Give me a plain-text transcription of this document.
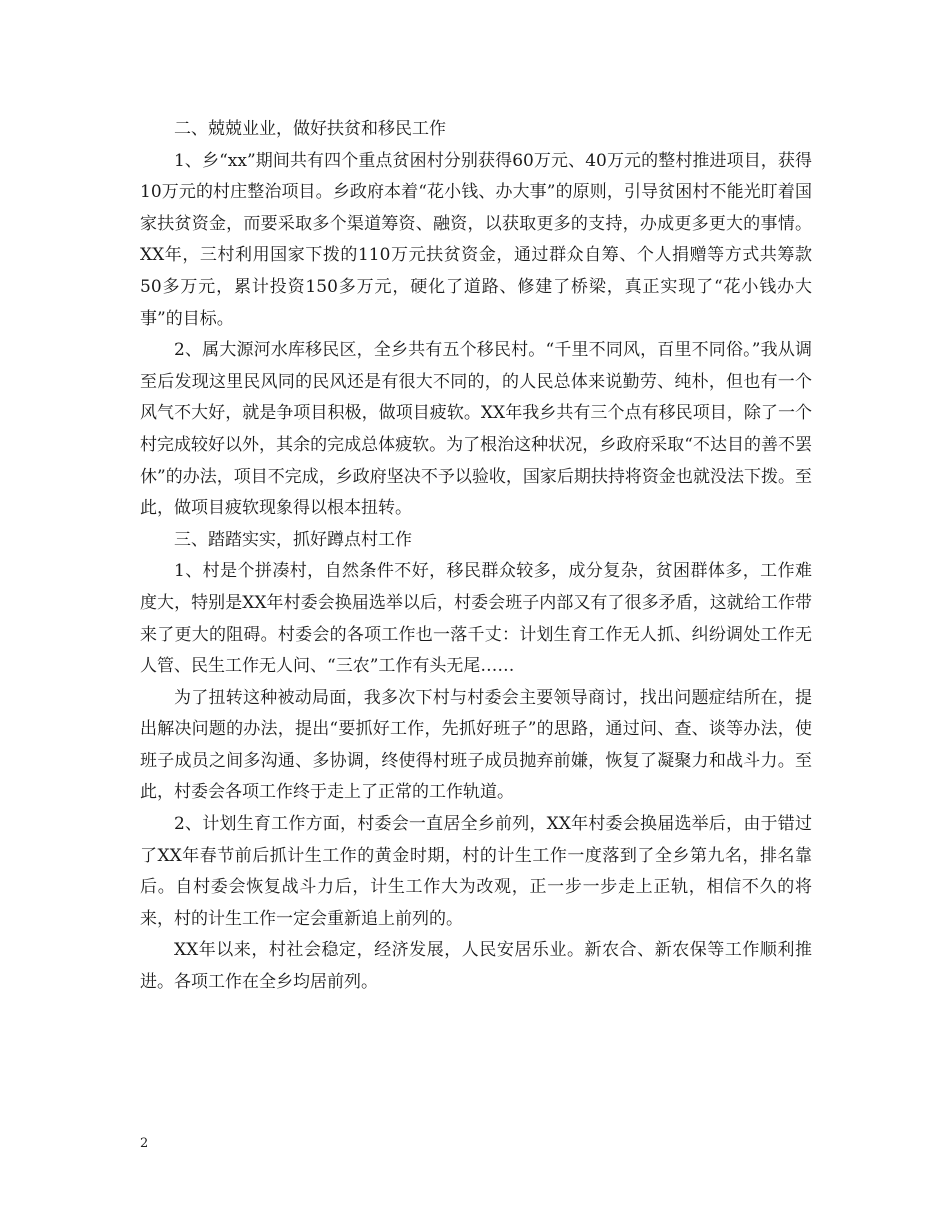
二、兢兢业业，做好扶贫和移民工作

1、乡“xx”期间共有四个重点贫困村分别获得60万元、40万元的整村推进项目，获得10万元的村庄整治项目。乡政府本着“花小钱、办大事”的原则，引导贫困村不能光盯着国家扶贫资金，而要采取多个渠道筹资、融资，以获取更多的支持，办成更多更大的事情。XX年，三村利用国家下拨的110万元扶贫资金，通过群众自筹、个人捐赠等方式共筹款50多万元，累计投资150多万元，硬化了道路、修建了桥梁，真正实现了“花小钱办大事”的目标。

2、属大源河水库移民区，全乡共有五个移民村。“千里不同风，百里不同俗。”我从调至后发现这里民风同的民风还是有很大不同的，的人民总体来说勤劳、纯朴，但也有一个风气不大好，就是争项目积极，做项目疲软。XX年我乡共有三个点有移民项目，除了一个村完成较好以外，其余的完成总体疲软。为了根治这种状况，乡政府采取“不达目的善不罢休”的办法，项目不完成，乡政府坚决不予以验收，国家后期扶持将资金也就没法下拨。至此，做项目疲软现象得以根本扭转。

三、踏踏实实，抓好蹲点村工作

1、村是个拼凑村，自然条件不好，移民群众较多，成分复杂，贫困群体多，工作难度大，特别是XX年村委会换届选举以后，村委会班子内部又有了很多矛盾，这就给工作带来了更大的阻碍。村委会的各项工作也一落千丈：计划生育工作无人抓、纠纷调处工作无人管、民生工作无人问、“三农”工作有头无尾……

为了扭转这种被动局面，我多次下村与村委会主要领导商讨，找出问题症结所在，提出解决问题的办法，提出“要抓好工作，先抓好班子”的思路，通过问、查、谈等办法，使班子成员之间多沟通、多协调，终使得村班子成员抛弃前嫌，恢复了凝聚力和战斗力。至此，村委会各项工作终于走上了正常的工作轨道。

2、计划生育工作方面，村委会一直居全乡前列，XX年村委会换届选举后，由于错过了XX年春节前后抓计生工作的黄金时期，村的计生工作一度落到了全乡第九名，排名靠后。自村委会恢复战斗力后，计生工作大为改观，正一步一步走上正轨，相信不久的将来，村的计生工作一定会重新追上前列的。

XX年以来，村社会稳定，经济发展，人民安居乐业。新农合、新农保等工作顺利推进。各项工作在全乡均居前列。

2
